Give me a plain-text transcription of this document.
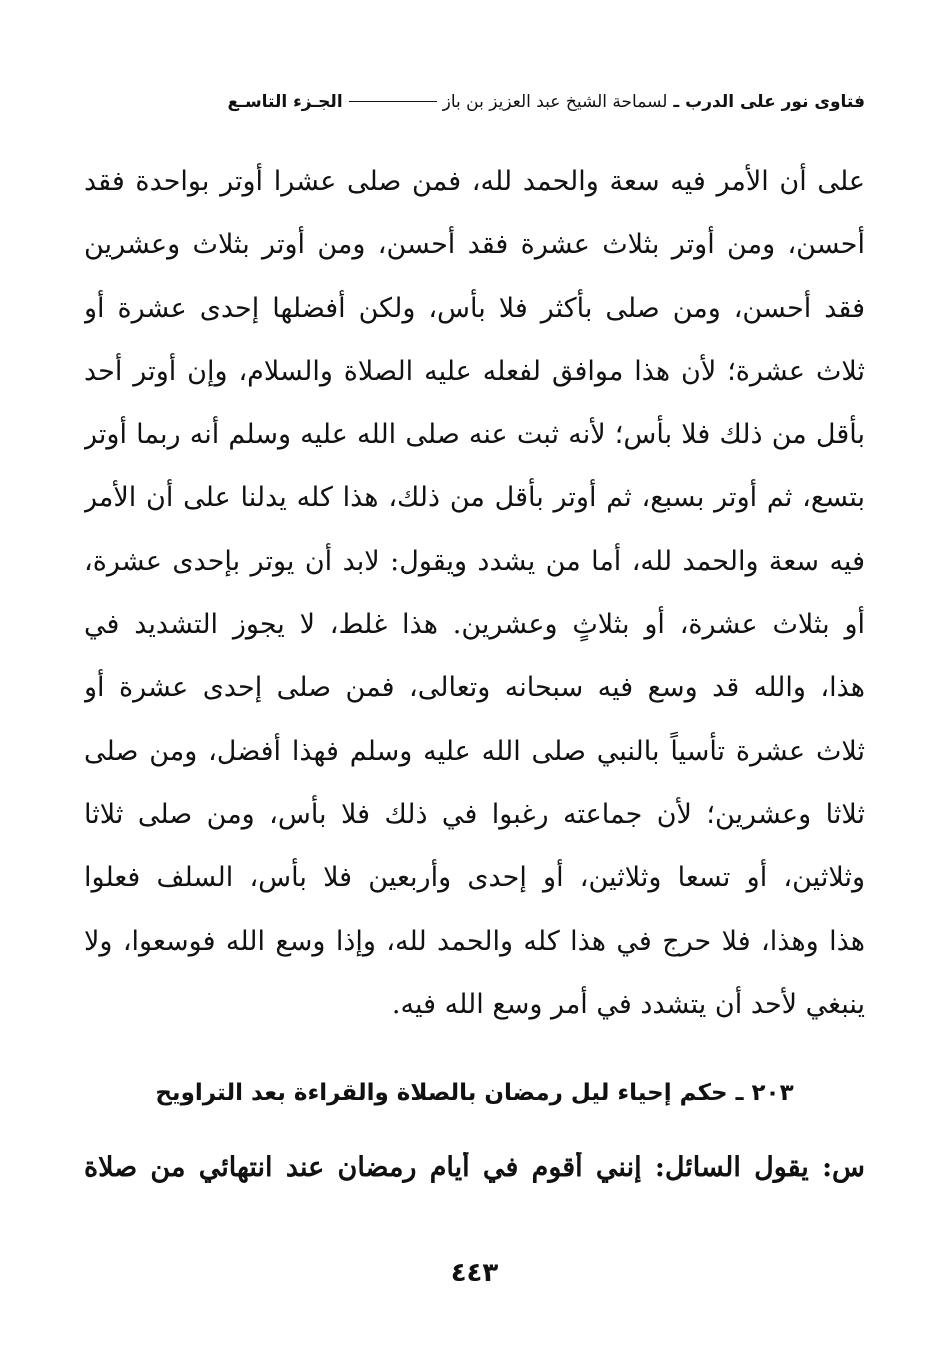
فتاوى نور على الدرب ـ
لسماحة الشيخ عبد العزيز بن باز
الجـزء التاسـع
على أن الأمر فيه سعة والحمد لله، فمن صلى عشرا أوتر بواحدة فقد
أحسن، ومن أوتر بثلاث عشرة فقد أحسن، ومن أوتر بثلاث وعشرين
فقد أحسن، ومن صلى بأكثر فلا بأس، ولكن أفضلها إحدى عشرة أو
ثلاث عشرة؛ لأن هذا موافق لفعله عليه الصلاة والسلام، وإن أوتر أحد
بأقل من ذلك فلا بأس؛ لأنه ثبت عنه صلى الله عليه وسلم أنه ربما أوتر
بتسع، ثم أوتر بسبع، ثم أوتر بأقل من ذلك، هذا كله يدلنا على أن الأمر
فيه سعة والحمد لله، أما من يشدد ويقول: لابد أن يوتر بإحدى عشرة،
أو بثلاث عشرة، أو بثلاثٍ وعشرين. هذا غلط، لا يجوز التشديد في
هذا، والله قد وسع فيه سبحانه وتعالى، فمن صلى إحدى عشرة أو
ثلاث عشرة تأسياً بالنبي صلى الله عليه وسلم فهذا أفضل، ومن صلى
ثلاثا وعشرين؛ لأن جماعته رغبوا في ذلك فلا بأس، ومن صلى ثلاثا
وثلاثين، أو تسعا وثلاثين، أو إحدى وأربعين فلا بأس، السلف فعلوا
هذا وهذا، فلا حرج في هذا كله والحمد لله، وإذا وسع الله فوسعوا، ولا
ينبغي لأحد أن يتشدد في أمر وسع الله فيه.
٢٠٣ ـ حكم إحياء ليل رمضان بالصلاة والقراءة بعد التراويح
س: يقول السائل: إنني أقوم في أيام رمضان عند انتهائي من صلاة
٤٤٣
